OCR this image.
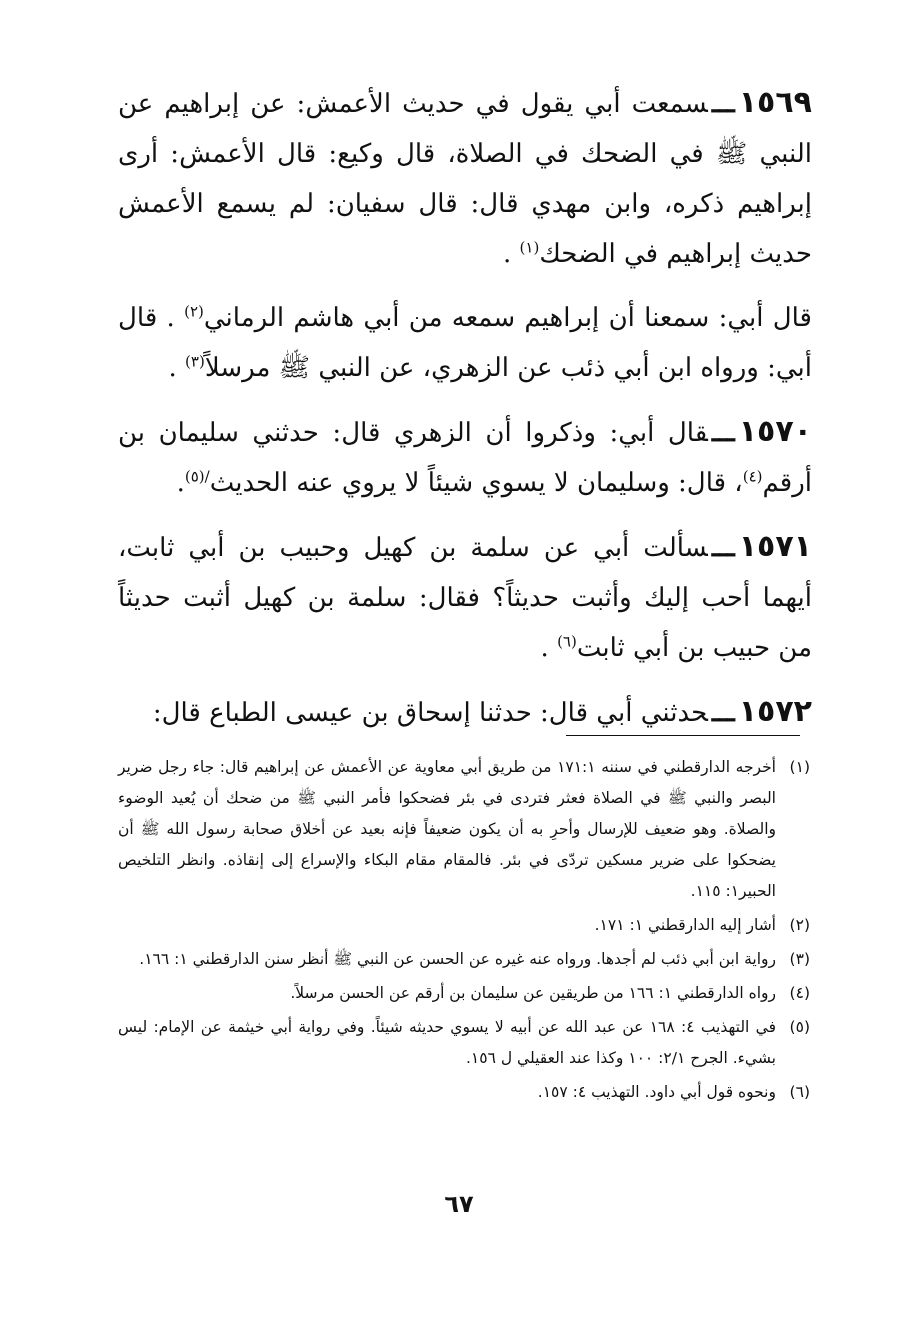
١٥٦٩ـــسمعت أبي يقول في حديث الأعمش: عن إبراهيم عن النبي ﷺ في الضحك في الصلاة، قال وكيع: قال الأعمش: أرى إبراهيم ذكره، وابن مهدي قال: قال سفيان: لم يسمع الأعمش حديث إبراهيم في الضحك$^{(١)}$ .

قال أبي: سمعنا أن إبراهيم سمعه من أبي هاشم الرماني$^{(٢)}$ . قال أبي: ورواه ابن أبي ذئب عن الزهري، عن النبي ﷺ مرسلاً$^{(٣)}$ .

١٥٧٠ـــقال أبي: وذكروا أن الزهري قال: حدثني سليمان بن أرقم$^{(٤)}$، قال: وسليمان لا يسوي شيئاً لا يروي عنه الحديث$^{/(٥)}$.

١٥٧١ـــسألت أبي عن سلمة بن كهيل وحبيب بن أبي ثابت، أيهما أحب إليك وأثبت حديثاً؟ فقال: سلمة بن كهيل أثبت حديثاً من حبيب بن أبي ثابت$^{(٦)}$ .

١٥٧٢ـــحدثني أبي قال: حدثنا إسحاق بن عيسى الطباع قال:

(١)
أخرجه الدارقطني في سننه ١٧١:١ من طريق أبي معاوية عن الأعمش عن إبراهيم قال: جاء رجل ضرير البصر والنبي ﷺ في الصلاة فعثر فتردى في بئر فضحكوا فأمر النبي ﷺ من ضحك أن يُعيد الوضوء والصلاة. وهو ضعيف للإرسال وأحرِ به أن يكون ضعيفاً فإنه بعيد عن أخلاق صحابة رسول الله ﷺ أن يضحكوا على ضرير مسكين تردّى في بئر. فالمقام مقام البكاء والإسراع إلى إنقاذه. وانظر التلخيص الحبير١: ١١٥.
(٢)
أشار إليه الدارقطني ١: ١٧١.
(٣)
رواية ابن أبي ذئب لم أجدها. ورواه عنه غيره عن الحسن عن النبي ﷺ أنظر سنن الدارقطني ١: ١٦٦.
(٤)
رواه الدارقطني ١: ١٦٦ من طريقين عن سليمان بن أرقم عن الحسن مرسلاً.
(٥)
في التهذيب ٤: ١٦٨ عن عبد الله عن أبيه لا يسوي حديثه شيئاً. وفي رواية أبي خيثمة عن الإمام: ليس بشيء. الجرح ٢/١: ١٠٠ وكذا عند العقيلي ل ١٥٦.
(٦)
ونحوه قول أبي داود. التهذيب ٤: ١٥٧.
٦٧
